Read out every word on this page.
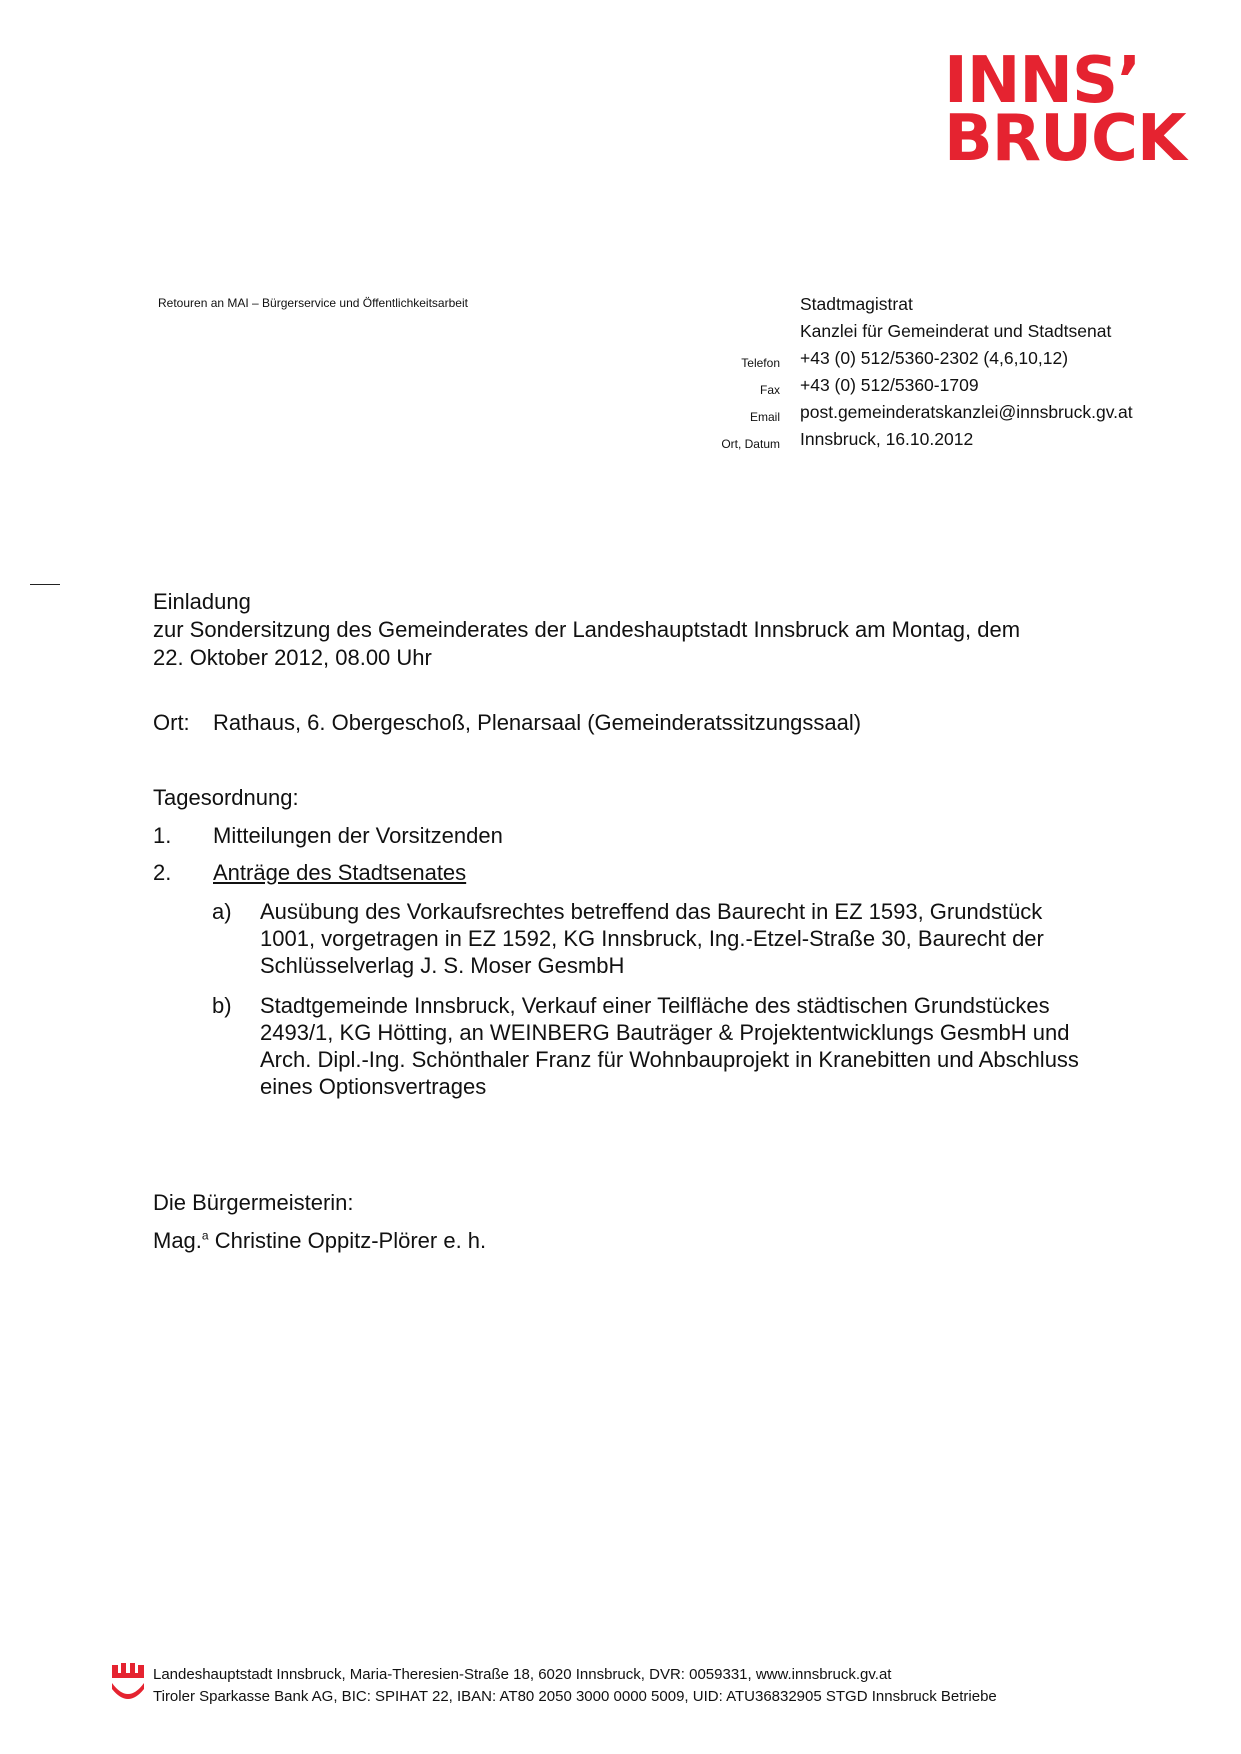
INNS’
BRUCK
Retouren an MAI – Bürgerservice und Öffentlichkeitsarbeit
Telefon
Fax
Email
Ort, Datum
Stadtmagistrat
Kanzlei für Gemeinderat und Stadtsenat
+43 (0) 512/5360-2302 (4,6,10,12)
+43 (0) 512/5360-1709
post.gemeinderatskanzlei@innsbruck.gv.at
Innsbruck, 16.10.2012
Einladung
zur Sondersitzung des Gemeinderates der Landeshauptstadt Innsbruck am Montag, dem
22. Oktober 2012, 08.00 Uhr
Ort: Rathaus, 6. Obergeschoß, Plenarsaal (Gemeinderatssitzungssaal)
Tagesordnung:
1. Mitteilungen der Vorsitzenden
2. Anträge des Stadtsenates
a) Ausübung des Vorkaufsrechtes betreffend das Baurecht in EZ 1593, Grundstück
1001, vorgetragen in EZ 1592, KG Innsbruck, Ing.-Etzel-Straße 30, Baurecht der
Schlüsselverlag J. S. Moser GesmbH
b) Stadtgemeinde Innsbruck, Verkauf einer Teilfläche des städtischen Grundstückes
2493/1, KG Hötting, an WEINBERG Bauträger & Projektentwicklungs GesmbH und
Arch. Dipl.-Ing. Schönthaler Franz für Wohnbauprojekt in Kranebitten und Abschluss
eines Optionsvertrages
Die Bürgermeisterin:
Mag.$^a$ Christine Oppitz-Plörer e. h.
Landeshauptstadt Innsbruck, Maria-Theresien-Straße 18, 6020 Innsbruck, DVR: 0059331, www.innsbruck.gv.at
Tiroler Sparkasse Bank AG, BIC: SPIHAT 22, IBAN: AT80 2050 3000 0000 5009, UID: ATU36832905 STGD Innsbruck Betriebe
